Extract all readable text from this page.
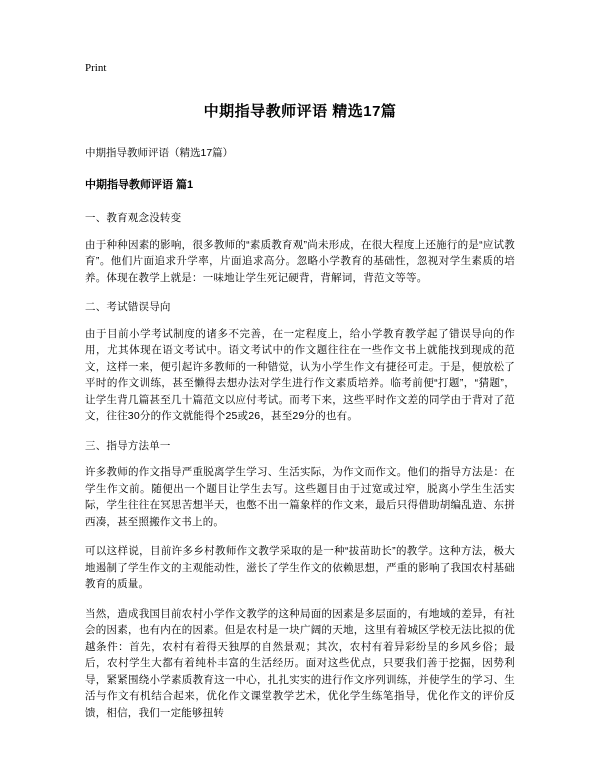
Print
中期指导教师评语 精选17篇

中期指导教师评语（精选17篇）

中期指导教师评语 篇1
一、教育观念没转变

由于种种因素的影响，很多教师的“素质教育观”尚未形成，在很大程度上还施行的是“应试教育”。他们片面追求升学率，片面追求高分。忽略小学教育的基础性，忽视对学生素质的培养。体现在教学上就是：一味地让学生死记硬背，背解词，背范文等等。

二、考试错误导向

由于目前小学考试制度的诸多不完善，在一定程度上，给小学教育教学起了错误导向的作用，尤其体现在语文考试中。语文考试中的作文题往往在一些作文书上就能找到现成的范文，这样一来，便引起许多教师的一种错觉，认为小学生作文有捷径可走。于是，便放松了平时的作文训练，甚至懒得去想办法对学生进行作文素质培养。临考前便“打题”，“猜题”，让学生背几篇甚至几十篇范文以应付考试。而考下来，这些平时作文差的同学由于背对了范文，往往30分的作文就能得个25或26，甚至29分的也有。

三、指导方法单一

许多教师的作文指导严重脱离学生学习、生活实际，为作文而作文。他们的指导方法是：在学生作文前。随便出一个题目让学生去写。这些题目由于过宽或过窄，脱离小学生生活实际，学生往往在冥思苦想半天，也憋不出一篇象样的作文来，最后只得借助胡编乱造、东拼西凑，甚至照搬作文书上的。

可以这样说，目前许多乡村教师作文教学采取的是一种“拔苗助长”的教学。这种方法，极大地遏制了学生作文的主观能动性，滋长了学生作文的依赖思想，严重的影响了我国农村基础教育的质量。

当然，造成我国目前农村小学作文教学的这种局面的因素是多层面的，有地域的差异，有社会的因素，也有内在的因素。但是农村是一块广阔的天地，这里有着城区学校无法比拟的优越条件：首先，农村有着得天独厚的自然景观；其次，农村有着异彩纷呈的乡风乡俗；最后，农村学生大都有着纯朴丰富的生活经历。面对这些优点，只要我们善于挖掘，因势利导，紧紧围绕小学素质教育这一中心，扎扎实实的进行作文序列训练，并使学生的学习、生活与作文有机结合起来，优化作文课堂教学艺术，优化学生练笔指导，优化作文的评价反馈，相信，我们一定能够扭转
